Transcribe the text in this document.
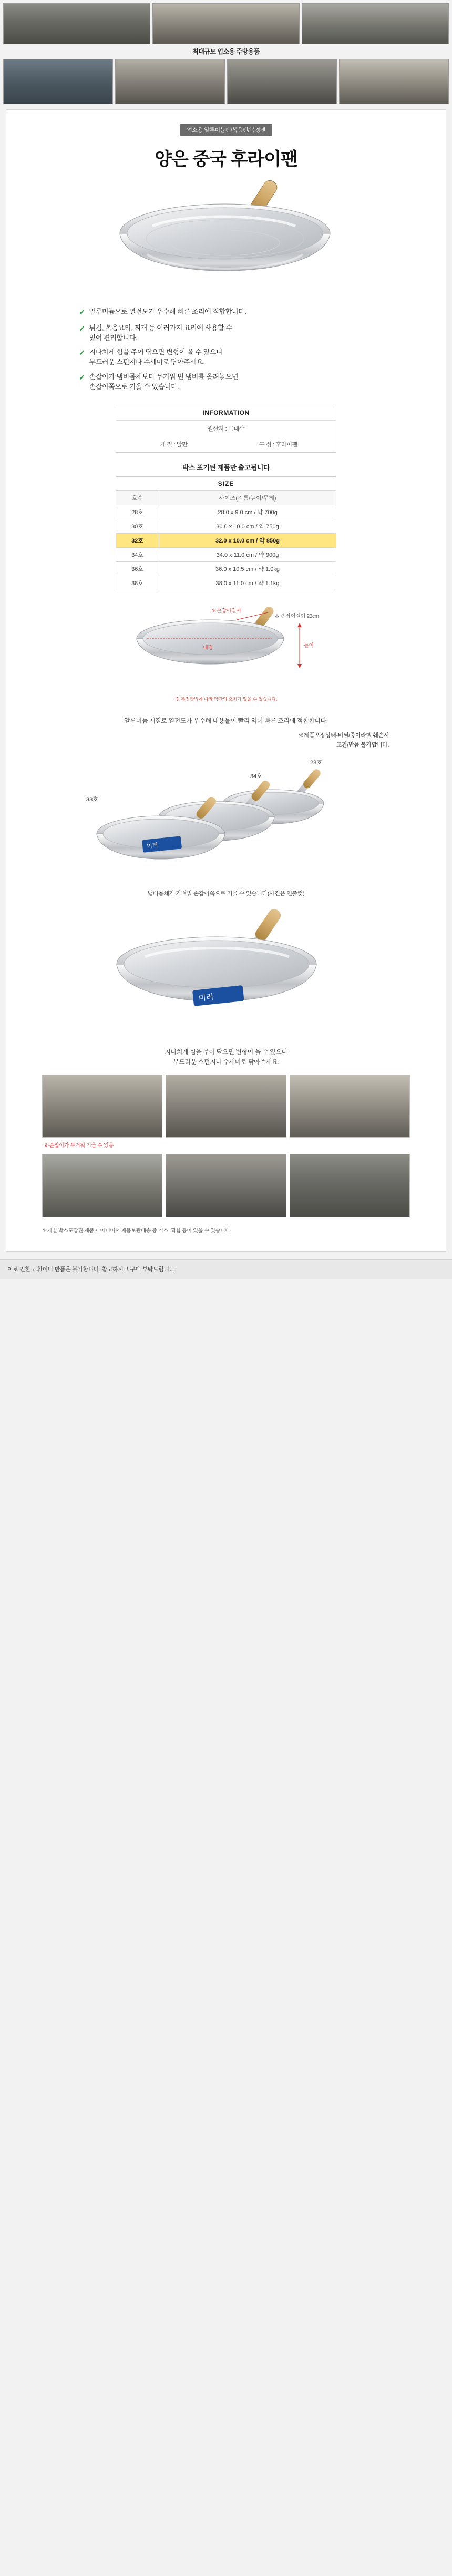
최대규모 업소용 주방용품
업소용 알루미늄팬/볶음팬/복경팬
양은 중국 후라이팬
✓ 알루미늄으로 열전도가 우수해 빠른 조리에 적합합니다.
✓ 튀김, 볶음요리, 찌개 등 여러가지 요리에 사용할 수
있어 편리합니다.
✓ 지나치게 힘을 주어 닦으면 변형이 올 수 있으니
부드러운 스펀지나 수세미로 닦아주세요.
✓ 손잡이가 냄비몸체보다 무거워 빈 냄비를 올려놓으면
손잡이쪽으로 기울 수 있습니다.
INFORMATION
원산지 : 국내산
재 질 : 알만	구 성 : 후라이팬
박스 표기된 제품만 출고됩니다
SIZE
호수	사이즈(지름/높이/무게)
28호	28.0 x 9.0 cm / 약 700g
30호	30.0 x 10.0 cm / 약 750g
32호	32.0 x 10.0 cm / 약 850g
34호	34.0 x 11.0 cm / 약 900g
36호	36.0 x 10.5 cm / 약 1.0kg
38호	38.0 x 11.0 cm / 약 1.1kg
＊손잡이길이
＊ 손잡이길이 23cm
내경	높이
※ 측정방법에 따라 약간의 오차가 있을 수 있습니다.
알루미늄 재질로 열전도가 우수해 내용물이 빨리 익어 빠른 조리에 적합합니다.
※제품포장상태-비닐/중이라벨 훼손시
교환/반품 불가합니다.
미러
28호
34호
38호
냄비몸체가 가벼워 손잡이쪽으로 기울 수 있습니다(사진은 연출컷)
미러
지나치게 힘을 주어 닦으면 변형이 올 수 있으니
부드러운 스펀지나 수세미로 닦아주세요.
※손잡이가 무거워 기울 수 있음
＊개별 박스포장된 제품이 아니어서 제품보관배송 중 기스, 찍힘 등이 있을 수 있습니다.
이로 인한 교환이나 반품은 불가합니다. 참고하시고 구매 부탁드립니다.
